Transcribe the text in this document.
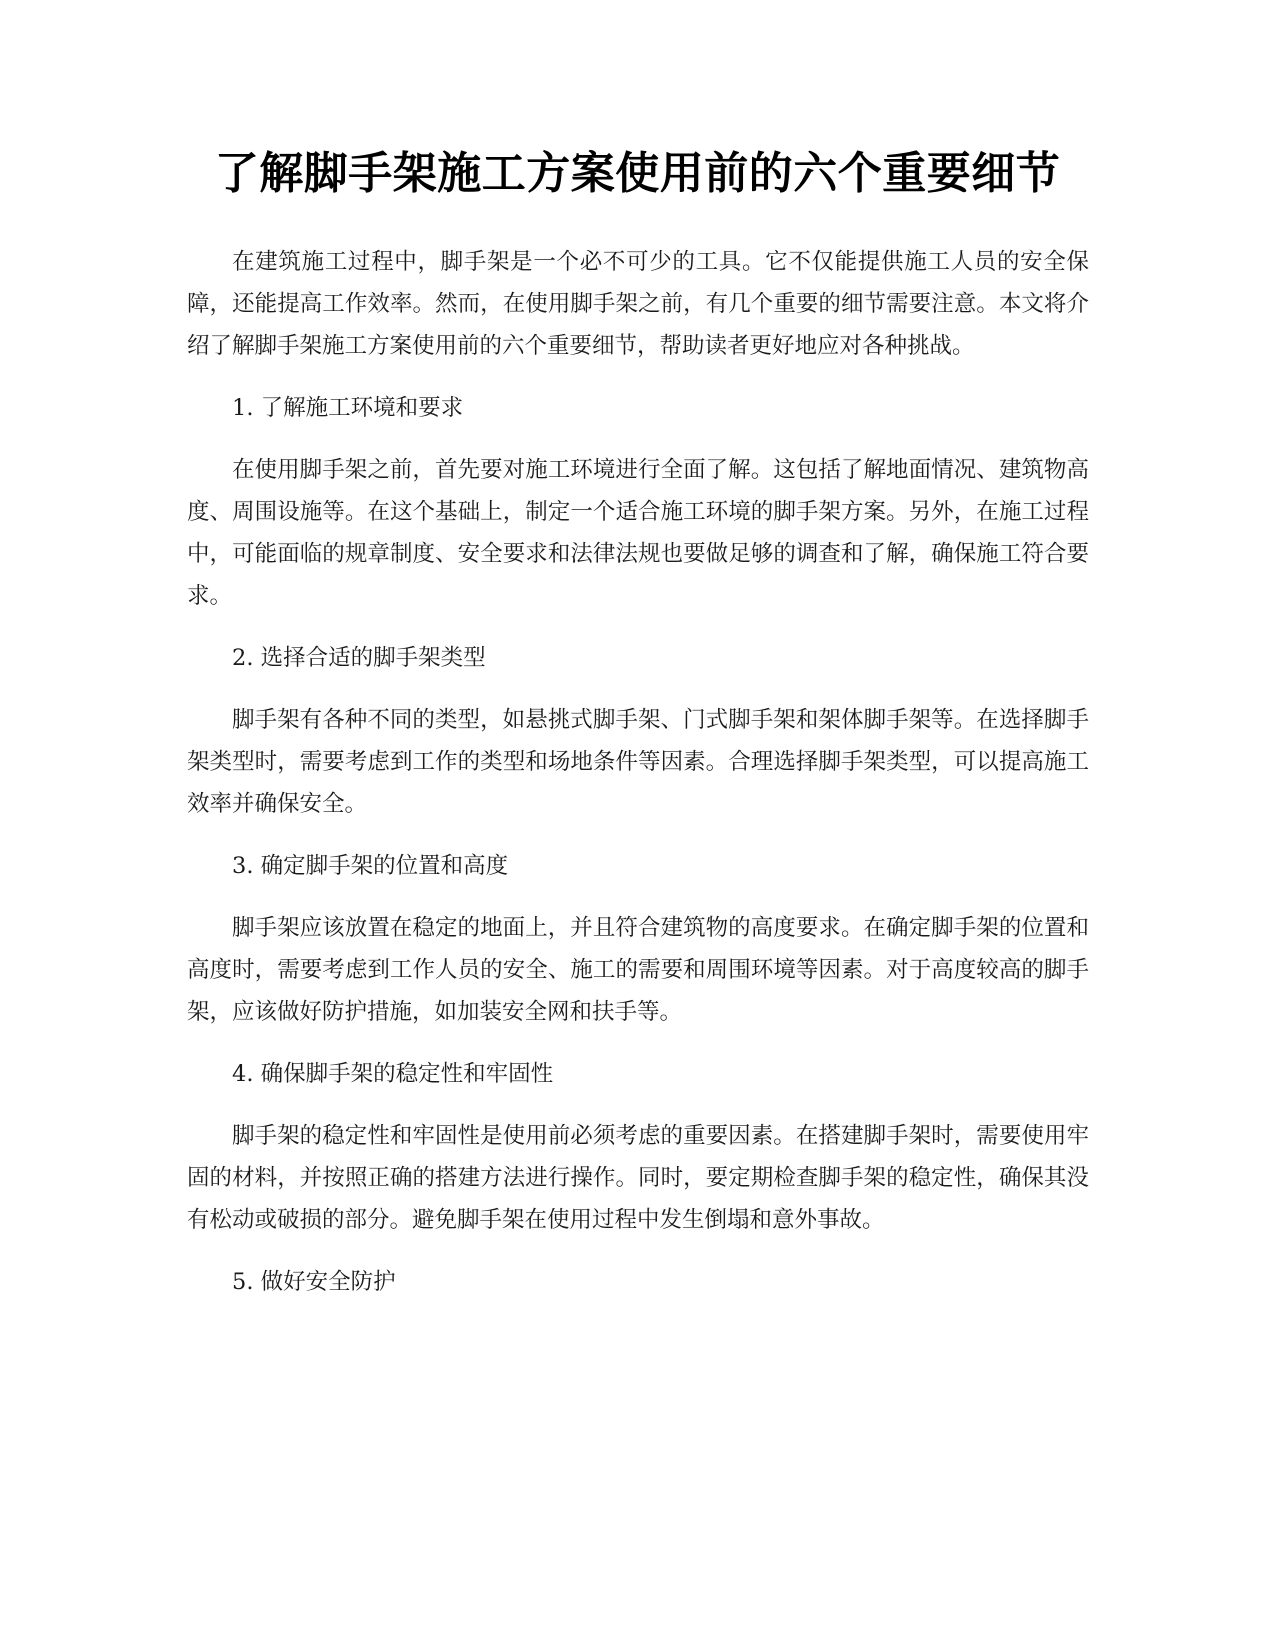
了解脚手架施工方案使用前的六个重要细节

在建筑施工过程中，脚手架是一个必不可少的工具。它不仅能提供施工人员的安全保障，还能提高工作效率。然而，在使用脚手架之前，有几个重要的细节需要注意。本文将介绍了解脚手架施工方案使用前的六个重要细节，帮助读者更好地应对各种挑战。

1. 了解施工环境和要求

在使用脚手架之前，首先要对施工环境进行全面了解。这包括了解地面情况、建筑物高度、周围设施等。在这个基础上，制定一个适合施工环境的脚手架方案。另外，在施工过程中，可能面临的规章制度、安全要求和法律法规也要做足够的调查和了解，确保施工符合要求。

2. 选择合适的脚手架类型

脚手架有各种不同的类型，如悬挑式脚手架、门式脚手架和架体脚手架等。在选择脚手架类型时，需要考虑到工作的类型和场地条件等因素。合理选择脚手架类型，可以提高施工效率并确保安全。

3. 确定脚手架的位置和高度

脚手架应该放置在稳定的地面上，并且符合建筑物的高度要求。在确定脚手架的位置和高度时，需要考虑到工作人员的安全、施工的需要和周围环境等因素。对于高度较高的脚手架，应该做好防护措施，如加装安全网和扶手等。

4. 确保脚手架的稳定性和牢固性

脚手架的稳定性和牢固性是使用前必须考虑的重要因素。在搭建脚手架时，需要使用牢固的材料，并按照正确的搭建方法进行操作。同时，要定期检查脚手架的稳定性，确保其没有松动或破损的部分。避免脚手架在使用过程中发生倒塌和意外事故。

5. 做好安全防护
